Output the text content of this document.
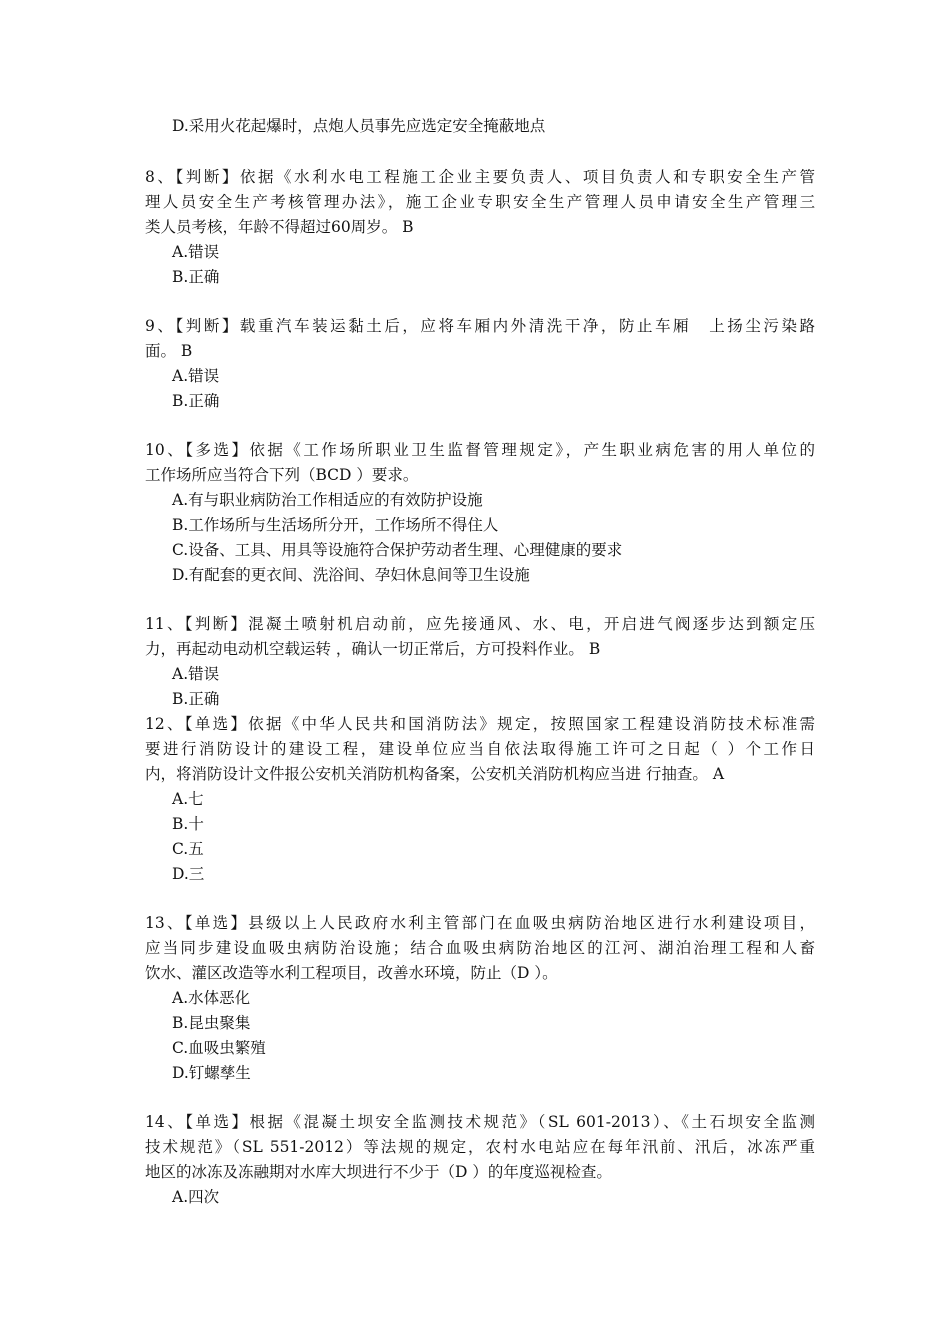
D.采用火花起爆时，点炮人员事先应选定安全掩蔽地点
8、【判断】依据《水利水电工程施工企业主要负责人、项目负责人和专职安全生产管
理人员安全生产考核管理办法》，施工企业专职安全生产管理人员申请安全生产管理三
类人员考核，年龄不得超过60周岁。 B
A.错误
B.正确
9、【判断】载重汽车装运黏土后，应将车厢内外清洗干净，防止车厢　上扬尘污染路
面。 B
A.错误
B.正确
10、【多选】依据《工作场所职业卫生监督管理规定》，产生职业病危害的用人单位的
工作场所应当符合下列（BCD ）要求。
A.有与职业病防治工作相适应的有效防护设施
B.工作场所与生活场所分开，工作场所不得住人
C.设备、工具、用具等设施符合保护劳动者生理、心理健康的要求
D.有配套的更衣间、洗浴间、孕妇休息间等卫生设施
11、【判断】混凝土喷射机启动前，应先接通风、水、电，开启进气阀逐步达到额定压
力，再起动电动机空载运转 ，确认一切正常后，方可投料作业。 B
A.错误
B.正确
12、【单选】依据《中华人民共和国消防法》规定，按照国家工程建设消防技术标准需
要进行消防设计的建设工程，建设单位应当自依法取得施工许可之日起（ ）个工作日
内，将消防设计文件报公安机关消防机构备案，公安机关消防机构应当进 行抽查。 A
A.七
B.十
C.五
D.三
13、【单选】县级以上人民政府水利主管部门在血吸虫病防治地区进行水利建设项目，
应当同步建设血吸虫病防治设施；结合血吸虫病防治地区的江河、湖泊治理工程和人畜
饮水、灌区改造等水利工程项目，改善水环境，防止（D ）。
A.水体恶化
B.昆虫聚集
C.血吸虫繁殖
D.钉螺孳生
14、【单选】根据《混凝土坝安全监测技术规范》（SL 601-2013）、《土石坝安全监测
技术规范》（SL 551-2012）等法规的规定，农村水电站应在每年汛前、汛后，冰冻严重
地区的冰冻及冻融期对水库大坝进行不少于（D ）的年度巡视检查。
A.四次
